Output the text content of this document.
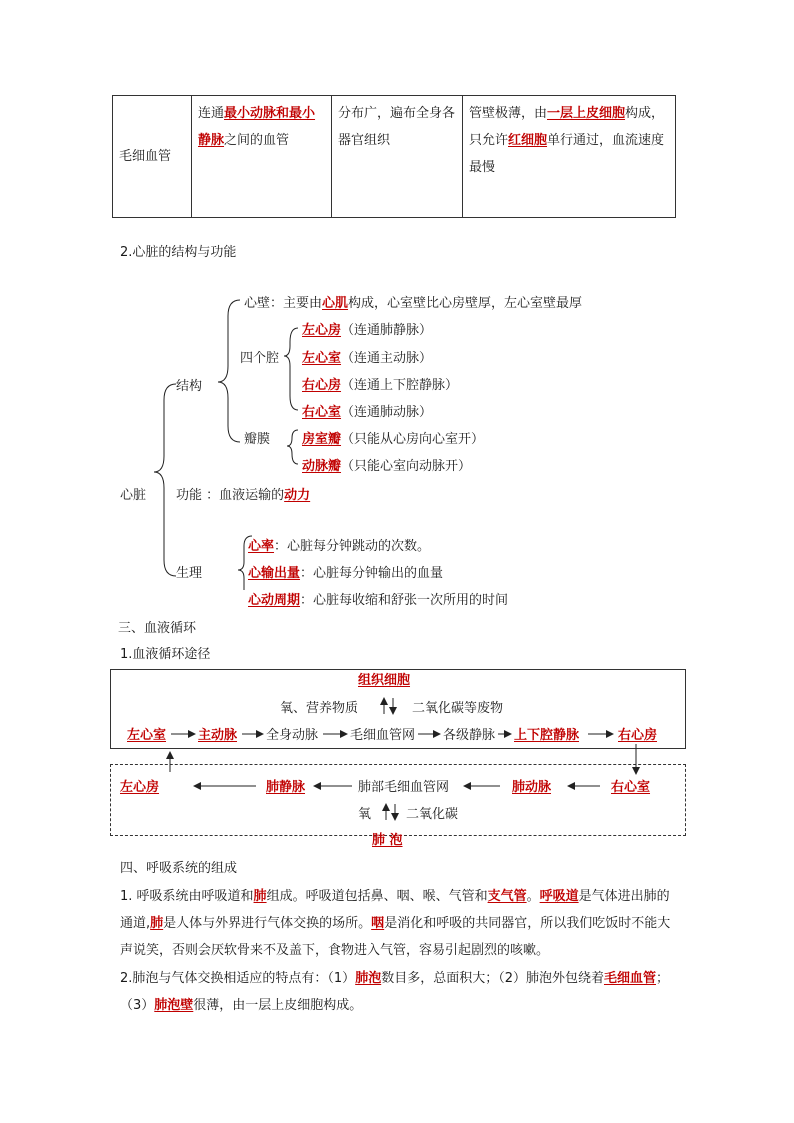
毛细血管	连通最小动脉和最小静脉之间的血管	分布广，遍布全身各器官组织	管壁极薄，由一层上皮细胞构成，只允许红细胞单行通过，血流速度最慢
2.心脏的结构与功能
心脏
结构
心壁：主要由心肌构成，心室壁比心房壁厚，左心室壁最厚
四个腔
左心房（连通肺静脉）
左心室（连通主动脉）
右心房（连通上下腔静脉）
右心室（连通肺动脉）
瓣膜 房室瓣（只能从心房向心室开）
动脉瓣（只能心室向动脉开）
功能 ：血液运输的动力
生理
心率：心脏每分钟跳动的次数。
心输出量：心脏每分钟输出的血量
心动周期：心脏每收缩和舒张一次所用的时间
三、血液循环
1.血液循环途径
组织细胞
氧、营养物质	二氧化碳等废物
左心室 主动脉 全身动脉 毛细血管网 各级静脉 上下腔静脉	右心房
左心房	肺静脉	肺部毛细血管网	肺动脉	右心室
氧	二氧化碳
肺 泡
四、呼吸系统的组成
1. 呼吸系统由呼吸道和肺组成。呼吸道包括鼻、咽、喉、气管和支气管。呼吸道是气体进出肺的通道,肺是人体与外界进行气体交换的场所。咽是消化和呼吸的共同器官，所以我们吃饭时不能大声说笑，否则会厌软骨来不及盖下，食物进入气管，容易引起剧烈的咳嗽。
2.肺泡与气体交换相适应的特点有：（1）肺泡数目多，总面积大；（2）肺泡外包绕着毛细血管；（3）肺泡壁很薄，由一层上皮细胞构成。
